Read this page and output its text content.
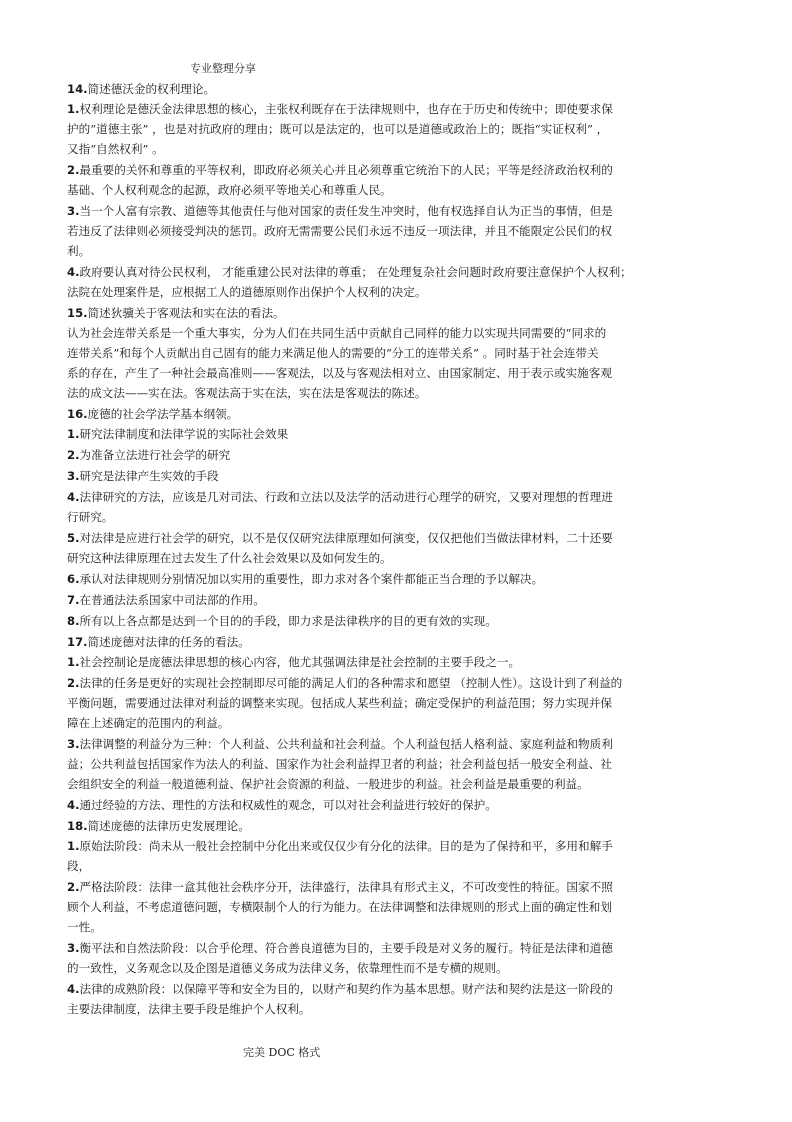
专业整理分享
14.简述德沃金的权利理论。
1.权利理论是德沃金法律思想的核心，主张权利既存在于法律规则中，也存在于历史和传统中；即使要求保
护的“道德主张” ，也是对抗政府的理由；既可以是法定的，也可以是道德或政治上的；既指“实证权利” ，
又指“自然权利” 。
2.最重要的关怀和尊重的平等权利，即政府必须关心并且必须尊重它统治下的人民；平等是经济政治权利的
基础、个人权利观念的起源，政府必须平等地关心和尊重人民。
3.当一个人富有宗教、道德等其他责任与他对国家的责任发生冲突时，他有权选择自认为正当的事情，但是
若违反了法律则必须接受判决的惩罚。政府无需需要公民们永远不违反一项法律，并且不能限定公民们的权
利。
4.政府要认真对待公民权利， 才能重建公民对法律的尊重； 在处理复杂社会问题时政府要注意保护个人权利；
法院在处理案件是，应根据工人的道德原则作出保护个人权利的决定。
15.简述狄骥关于客观法和实在法的看法。
认为社会连带关系是一个重大事实，分为人们在共同生活中贡献自己同样的能力以实现共同需要的“同求的
连带关系”和每个人贡献出自己固有的能力来满足他人的需要的“分工的连带关系” 。同时基于社会连带关
系的存在，产生了一种社会最高准则——客观法，以及与客观法相对立、由国家制定、用于表示或实施客观
法的成文法——实在法。客观法高于实在法，实在法是客观法的陈述。
16.庞德的社会学法学基本纲领。
1.研究法律制度和法律学说的实际社会效果
2.为准备立法进行社会学的研究
3.研究是法律产生实效的手段
4.法律研究的方法，应该是几对司法、行政和立法以及法学的活动进行心理学的研究，又要对理想的哲理进
行研究。
5.对法律是应进行社会学的研究，以不是仅仅研究法律原理如何演变，仅仅把他们当做法律材料，二十还要
研究这种法律原理在过去发生了什么社会效果以及如何发生的。
6.承认对法律规则分别情况加以实用的重要性，即力求对各个案件都能正当合理的予以解决。
7.在普通法法系国家中司法部的作用。
8.所有以上各点都是达到一个目的的手段，即力求是法律秩序的目的更有效的实现。
17.简述庞德对法律的任务的看法。
1.社会控制论是庞德法律思想的核心内容，他尤其强调法律是社会控制的主要手段之一。
2.法律的任务是更好的实现社会控制即尽可能的满足人们的各种需求和愿望 （控制人性）。这设计到了利益的
平衡问题，需要通过法律对利益的调整来实现。包括成人某些利益；确定受保护的利益范围；努力实现并保
障在上述确定的范围内的利益。
3.法律调整的利益分为三种：个人利益、公共利益和社会利益。个人利益包括人格利益、家庭利益和物质利
益；公共利益包括国家作为法人的利益、国家作为社会利益捍卫者的利益；社会利益包括一般安全利益、社
会组织安全的利益一般道德利益、保护社会资源的利益、一般进步的利益。社会利益是最重要的利益。
4.通过经验的方法、理性的方法和权威性的观念，可以对社会利益进行较好的保护。
18.简述庞德的法律历史发展理论。
1.原始法阶段：尚未从一般社会控制中分化出来或仅仅少有分化的法律。目的是为了保持和平，多用和解手
段，
2.严格法阶段：法律一盒其他社会秩序分开，法律盛行，法律具有形式主义，不可改变性的特征。国家不照
顾个人利益，不考虑道德问题，专横限制个人的行为能力。在法律调整和法律规则的形式上面的确定性和划
一性。
3.衡平法和自然法阶段：以合乎伦理、符合善良道德为目的，主要手段是对义务的履行。特征是法律和道德
的一致性，义务观念以及企图是道德义务成为法律义务，依靠理性而不是专横的规则。
4.法律的成熟阶段：以保障平等和安全为目的，以财产和契约作为基本思想。财产法和契约法是这一阶段的
主要法律制度，法律主要手段是维护个人权利。
完美 DOC 格式
